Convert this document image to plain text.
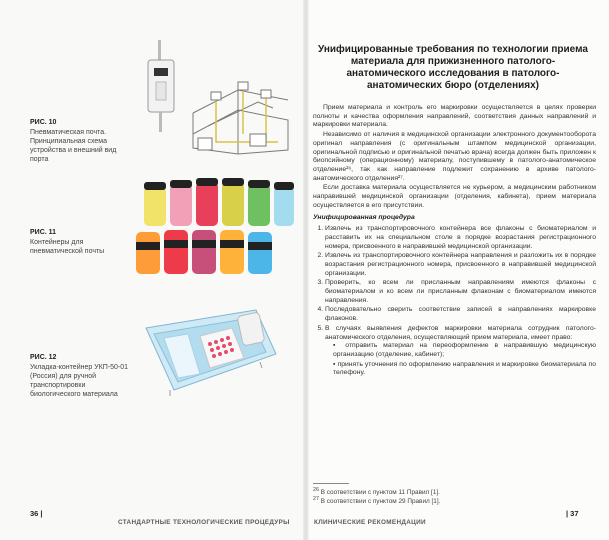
РИС. 10
Пневматическая почта. Принципиальная схема устройства и внешний вид порта
РИС. 11
Контейнеры для пневматической почты
РИС. 12
Укладка-контейнер УКП-50-01 (Россия) для ручной транспортировки биологического материала
Унифицированные требования по технологии приема материала для прижизненного патолого-анатомического исследования в патолого-анатомических бюро (отделениях)

Прием материала и контроль его маркировки осуществляется в целях проверки полноты и качества оформления направлений, соответствия данных направлений и маркировки материала.

Независимо от наличия в медицинской организации электронного документооборота оригинал направления (с оригинальным штампом медицинской организации, оригинальной подписью и оригинальной печатью врача) всегда должен быть приложен к биопсийному (операционному) материалу, поступившему в патолого-анатомическое отделение²⁶, так как направление подлежит сохранению в архиве патолого-анатомического отделения²⁷.

Если доставка материала осуществляется не курьером, а медицинским работником направившей медицинской организации (отделения, кабинета), прием материала осуществляется в его присутствии.

Унифицированная процедура
1. Извлечь из транспортировочного контейнера все флаконы с биоматериалом и расставить их на специальном столе в порядке возрастания регистрационного номера, присвоенного в направившей медицинской организации.
2. Извлечь из транспортировочного контейнера направления и разложить их в порядке возрастания регистрационного номера, присвоенного в направившей медицинской организации.
3. Проверить, ко всем ли присланным направлениям имеются флаконы с биоматериалом и ко всем ли присланным флаконам с биоматериалом имеются направления.
4. Последовательно сверить соответствие записей в направлениях маркировке флаконов.
5. В случаях выявления дефектов маркировки материала сотрудник патолого-анатомического отделения, осуществляющий прием материала, имеет право:
▪ отправить материал на переоформление в направившую медицинскую организацию (отделение, кабинет);
▪ принять уточнения по оформлению направления и маркировке биоматериала по телефону.
$^{26}$ В соответствии с пунктом 11 Правил [1].
$^{27}$ В соответствии с пунктом 29 Правил [1].
36 |	| 37
СТАНДАРТНЫЕ ТЕХНОЛОГИЧЕСКИЕ ПРОЦЕДУРЫ	КЛИНИЧЕСКИЕ РЕКОМЕНДАЦИИ
